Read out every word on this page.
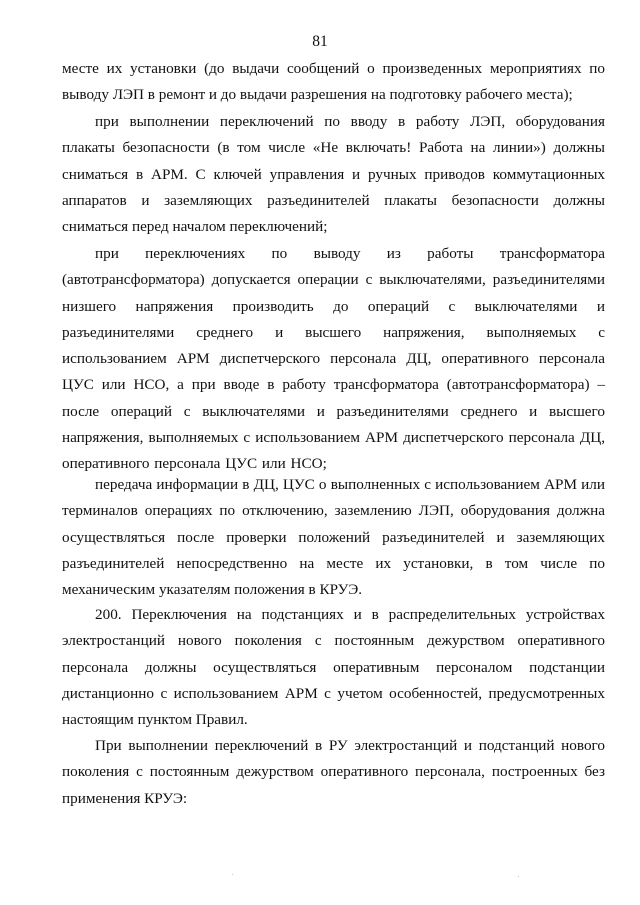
81

месте их установки (до выдачи сообщений о произведенных мероприятиях по выводу ЛЭП в ремонт и до выдачи разрешения на подготовку рабочего места);

при выполнении переключений по вводу в работу ЛЭП, оборудования плакаты безопасности (в том числе «Не включать! Работа на линии») должны сниматься в АРМ. С ключей управления и ручных приводов коммутационных аппаратов и заземляющих разъединителей плакаты безопасности должны сниматься перед началом переключений;

при переключениях по выводу из работы трансформатора (автотрансформатора) допускается операции с выключателями, разъединителями низшего напряжения производить до операций с выключателями и разъединителями среднего и высшего напряжения, выполняемых с использованием АРМ диспетчерского персонала ДЦ, оперативного персонала ЦУС или НСО, а при вводе в работу трансформатора (автотрансформатора) – после операций с выключателями и разъединителями среднего и высшего напряжения, выполняемых с использованием АРМ диспетчерского персонала ДЦ, оперативного персонала ЦУС или НСО;

передача информации в ДЦ, ЦУС о выполненных с использованием АРМ или терминалов операциях по отключению, заземлению ЛЭП, оборудования должна осуществляться после проверки положений разъединителей и заземляющих разъединителей непосредственно на месте их установки, в том числе по механическим указателям положения в КРУЭ.

200. Переключения на подстанциях и в распределительных устройствах электростанций нового поколения с постоянным дежурством оперативного персонала должны осуществляться оперативным персоналом подстанции дистанционно с использованием АРМ с учетом особенностей, предусмотренных настоящим пунктом Правил.

При выполнении переключений в РУ электростанций и подстанций нового поколения с постоянным дежурством оперативного персонала, построенных без применения КРУЭ:
